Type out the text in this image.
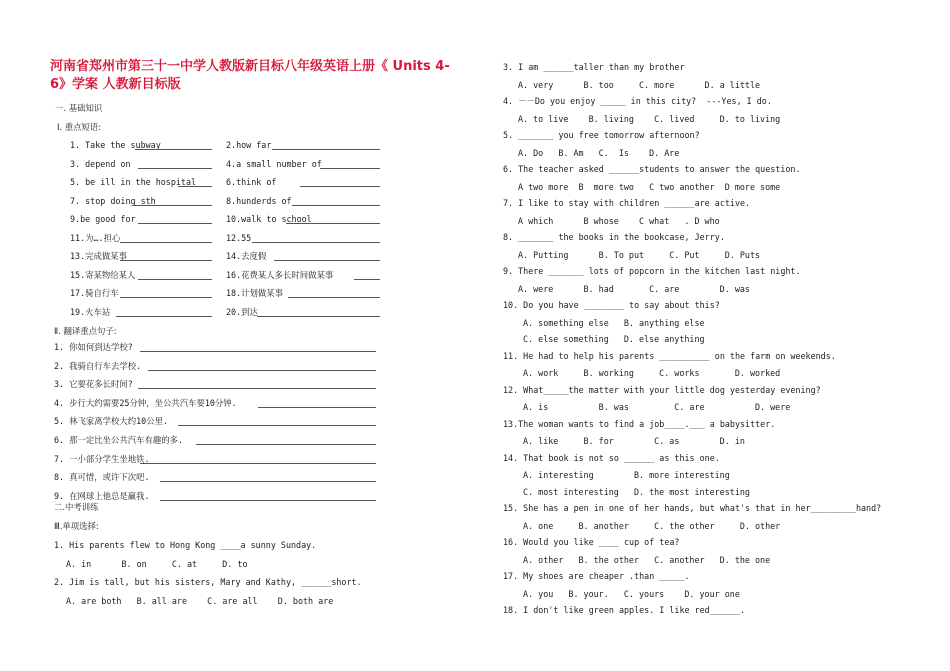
河南省郑州市第三十一中学人教版新目标八年级英语上册《 Units 4-6》学案 人教新目标版
一. 基础知识
Ⅰ. 重点短语:
1. Take the subway	2.how far
3. depend on	4.a small number of
5. be ill in the hospital	6.think of
7. stop doing sth	8.hunderds of
9.be good for	10.walk to school
11.为….担心	12.55
13.完成做某事	14.去度假
15.寄某物给某人	16.花费某人多长时间做某事
17.骑自行车	18.计划做某事
19.火车站	20.到达
Ⅱ. 翻译重点句子:
1. 你如何到达学校?
2. 我骑自行车去学校.
3. 它要花多长时间?
4. 步行大约需要25分钟，坐公共汽车要10分钟.
5. 林飞家离学校大约10公里.
6. 那一定比坐公共汽车有趣的多.
7. 一小部分学生坐地铁.
8. 真可惜，或许下次吧.
9. 在网球上他总是赢我.
二.中考训练
Ⅲ.单项选择:
1. His parents flew to Hong Kong ____a sunny Sunday.
A. in      B. on     C. at     D. to
2. Jim is tall, but his sisters, Mary and Kathy, ______short.
A. are both   B. all are    C. are all    D. both are
3. I am ______taller than my brother
A. very      B. too     C. more      D. a little
4. －－Do you enjoy _____ in this city?  ---Yes, I do.
A. to live    B. living    C. lived     D. to living
5. _______ you free tomorrow afternoon?
A. Do   B. Am   C.  Is    D. Are
6. The teacher asked ______students to answer the question.
A two more  B  more two   C two another  D more some
7. I like to stay with children ______are active.
A which      B whose    C what   . D who
8. _______ the books in the bookcase, Jerry.
A. Putting      B. To put     C. Put     D. Puts
9. There _______ lots of popcorn in the kitchen last night.
A. were      B. had       C. are        D. was
10. Do you have ________ to say about this?
A. something else   B. anything else
C. else something   D. else anything
11. He had to help his parents __________ on the farm on weekends.
A. work     B. working     C. works       D. worked
12. What_____the matter with your little dog yesterday evening?
A. is          B. was         C. are          D. were
13.The woman wants to find a job____.___ a babysitter.
A. like     B. for        C. as        D. in
14. That book is not so ______ as this one.
A. interesting        B. more interesting
C. most interesting   D. the most interesting
15. She has a pen in one of her hands, but what's that in her_________hand?
A. one     B. another     C. the other     D. other
16. Would you like ____ cup of tea?
A. other   B. the other   C. another   D. the one
17. My shoes are cheaper .than _____.
A. you   B. your.   C. yours    D. your one
18. I don't like green apples. I like red______.
